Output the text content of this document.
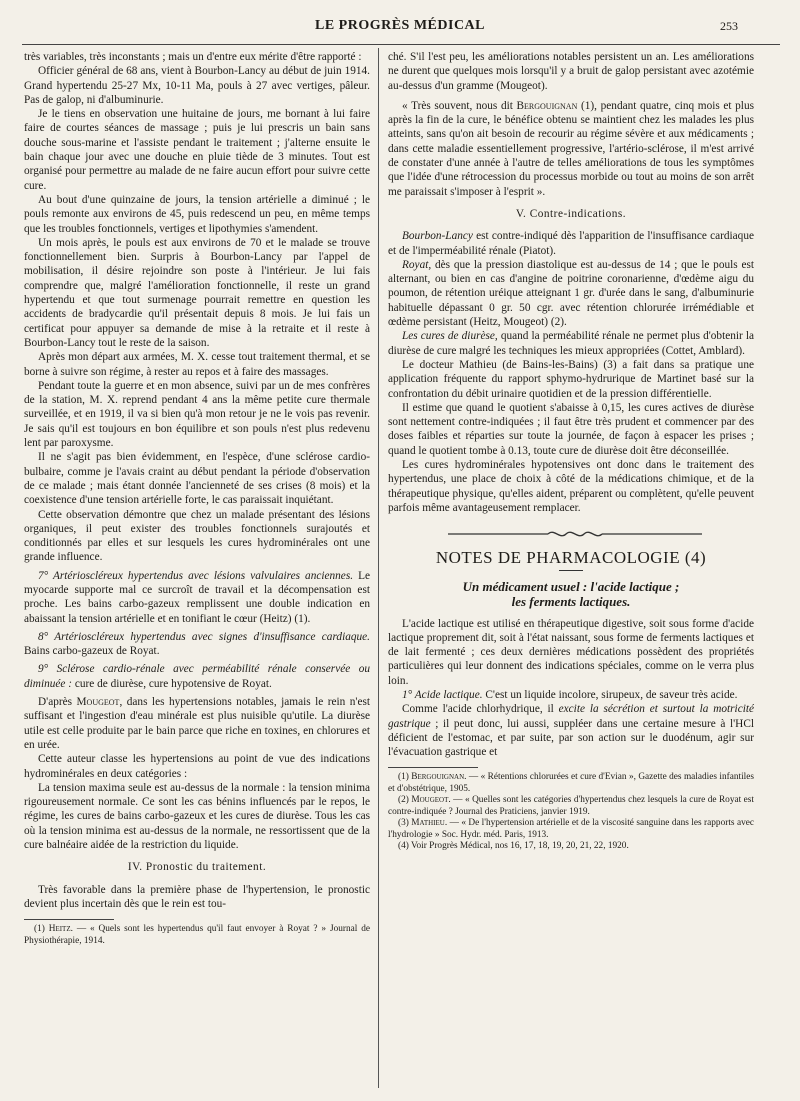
LE PROGRÈS MÉDICAL	253

très variables, très inconstants ; mais un d'entre eux mérite d'être rapporté :

Officier général de 68 ans, vient à Bourbon-Lancy au début de juin 1914. Grand hypertendu 25-27 Mx, 10-11 Ma, pouls à 27 avec vertiges, pâleur. Pas de galop, ni d'albuminurie.

Je le tiens en observation une huitaine de jours, me bornant à lui faire faire de courtes séances de massage ; puis je lui prescris un bain sans douche sous-marine et l'assiste pendant le traitement ; j'alterne ensuite le bain chaque jour avec une douche en pluie tiède de 3 minutes. Tout est organisé pour permettre au malade de ne faire aucun effort pour suivre cette cure.

Au bout d'une quinzaine de jours, la tension artérielle a diminué ; le pouls remonte aux environs de 45, puis redescend un peu, en même temps que les troubles fonctionnels, vertiges et lipothymies s'amendent.

Un mois après, le pouls est aux environs de 70 et le malade se trouve fonctionnellement bien. Surpris à Bourbon-Lancy par l'appel de mobilisation, il désire rejoindre son poste à l'intérieur. Je lui fais comprendre que, malgré l'amélioration fonctionnelle, il reste un grand hypertendu et que tout surmenage pourrait remettre en question les accidents de bradycardie qu'il présentait depuis 8 mois. Je lui fais un certificat pour appuyer sa demande de mise à la retraite et il reste à Bourbon-Lancy tout le reste de la saison.

Après mon départ aux armées, M. X. cesse tout traitement thermal, et se borne à suivre son régime, à rester au repos et à faire des massages.

Pendant toute la guerre et en mon absence, suivi par un de mes confrères de la station, M. X. reprend pendant 4 ans la même petite cure thermale surveillée, et en 1919, il va si bien qu'à mon retour je ne le vois pas revenir. Je sais qu'il est toujours en bon équilibre et son pouls n'est plus redevenu lent par paroxysme.

Il ne s'agit pas bien évidemment, en l'espèce, d'une sclérose cardio-bulbaire, comme je l'avais craint au début pendant la période d'observation de ce malade ; mais étant donnée l'ancienneté de ses crises (8 mois) et la coexistence d'une tension artérielle forte, le cas paraissait inquiétant.

Cette observation démontre que chez un malade présentant des lésions organiques, il peut exister des troubles fonctionnels surajoutés et conditionnés par elles et sur lesquels les cures hydrominérales ont une grande influence.

7° Artérioscléreux hypertendus avec lésions valvulaires anciennes. Le myocarde supporte mal ce surcroît de travail et la décompensation est proche. Les bains carbo-gazeux remplissent une double indication en abaissant la tension artérielle et en tonifiant le cœur (Heitz) (1).

8° Artérioscléreux hypertendus avec signes d'insuffisance cardiaque. Bains carbo-gazeux de Royat.

9° Sclérose cardio-rénale avec perméabilité rénale conservée ou diminuée : cure de diurèse, cure hypotensive de Royat.

D'après Mougeot, dans les hypertensions notables, jamais le rein n'est suffisant et l'ingestion d'eau minérale est plus nuisible qu'utile. La diurèse utile est celle produite par le bain parce que riche en toxines, en chlorures et en urée.

Cette auteur classe les hypertensions au point de vue des indications hydrominérales en deux catégories :

La tension maxima seule est au-dessus de la normale : la tension minima rigoureusement normale. Ce sont les cas bénins influencés par le repos, le régime, les cures de bains carbo-gazeux et les cures de diurèse. Tous les cas où la tension minima est au-dessus de la normale, ne ressortissent que de la cure balnéaire aidée de la restriction du liquide.

IV. Pronostic du traitement.

Très favorable dans la première phase de l'hypertension, le pronostic devient plus incertain dès que le rein est tou-

(1) Heitz. — « Quels sont les hypertendus qu'il faut envoyer à Royat ? » Journal de Physiothérapie, 1914.

ché. S'il l'est peu, les améliorations notables persistent un an. Les améliorations ne durent que quelques mois lorsqu'il y a bruit de galop persistant avec azotémie au-dessus d'un gramme (Mougeot).

« Très souvent, nous dit Bergouignan (1), pendant quatre, cinq mois et plus après la fin de la cure, le bénéfice obtenu se maintient chez les malades les plus atteints, sans qu'on ait besoin de recourir au régime sévère et aux médicaments ; dans cette maladie essentiellement progressive, l'artério-sclérose, il m'est arrivé de constater d'une année à l'autre de telles améliorations de tous les symptômes que l'idée d'une rétrocession du processus morbide ou tout au moins de son arrêt me paraissait s'imposer à l'esprit ».

V. Contre-indications.

Bourbon-Lancy est contre-indiqué dès l'apparition de l'insuffisance cardiaque et de l'imperméabilité rénale (Piatot).

Royat, dès que la pression diastolique est au-dessus de 14 ; que le pouls est alternant, ou bien en cas d'angine de poitrine coronarienne, d'œdème aigu du poumon, de rétention uréique atteignant 1 gr. d'urée dans le sang, d'albuminurie habituelle dépassant 0 gr. 50 cgr. avec rétention chlorurée irrémédiable et œdème persistant (Heitz, Mougeot) (2).

Les cures de diurèse, quand la perméabilité rénale ne permet plus d'obtenir la diurèse de cure malgré les techniques les mieux appropriées (Cottet, Amblard).

Le docteur Mathieu (de Bains-les-Bains) (3) a fait dans sa pratique une application fréquente du rapport sphymo-hydrurique de Martinet basé sur la confrontation du débit urinaire quotidien et de la pression différentielle.

Il estime que quand le quotient s'abaisse à 0,15, les cures actives de diurèse sont nettement contre-indiquées ; il faut être très prudent et commencer par des doses faibles et réparties sur toute la journée, de façon à espacer les prises ; quand le quotient tombe à 0.13, toute cure de diurèse doit être déconseillée.

Les cures hydrominérales hypotensives ont donc dans le traitement des hypertendus, une place de choix à côté de la médications chimique, et de la thérapeutique physique, qu'elles aident, préparent ou complètent, qu'elle peuvent parfois même avantageusement remplacer.

NOTES DE PHARMACOLOGIE (4)
Un médicament usuel : l'acide lactique ;
les ferments lactiques.

L'acide lactique est utilisé en thérapeutique digestive, soit sous forme d'acide lactique proprement dit, soit à l'état naissant, sous forme de ferments lactiques et de lait fermenté ; ces deux dernières médications possèdent des propriétés particulières qui leur donnent des indications spéciales, comme on le verra plus loin.

1° Acide lactique. C'est un liquide incolore, sirupeux, de saveur très acide.

Comme l'acide chlorhydrique, il excite la sécrétion et surtout la motricité gastrique ; il peut donc, lui aussi, suppléer dans une certaine mesure à l'HCl déficient de l'estomac, et par suite, par son action sur le duodénum, agir sur l'évacuation gastrique et

(1) Bergouignan. — « Rétentions chlorurées et cure d'Evian », Gazette des maladies infantiles et d'obstétrique, 1905.

(2) Mougeot. — « Quelles sont les catégories d'hypertendus chez lesquels la cure de Royat est contre-indiquée ? Journal des Praticiens, janvier 1919.

(3) Mathieu. — « De l'hypertension artérielle et de la viscosité sanguine dans les rapports avec l'hydrologie » Soc. Hydr. méd. Paris, 1913.

(4) Voir Progrès Médical, nos 16, 17, 18, 19, 20, 21, 22, 1920.
